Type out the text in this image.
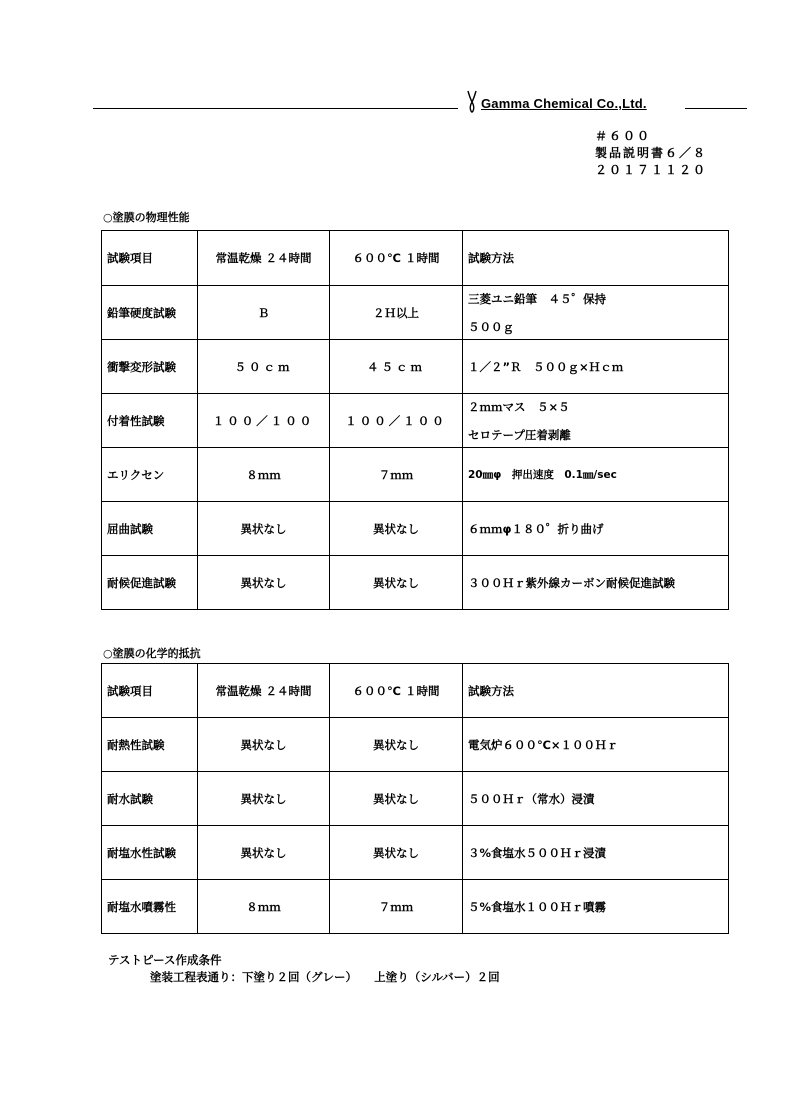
Gamma Chemical Co.,Ltd.
＃６００
製品説明書６／８
２０１７１１２０
○塗膜の物理性能
試験項目	常温乾燥 ２４時間	６００℃ １時間	試験方法
鉛筆硬度試験	Ｂ	２Ｈ以上	三菱ユニ鉛筆　４５゜保持
５００ｇ

衝撃変形試験	５０ｃｍ	４５ｃｍ	１／２”Ｒ　５００ｇ×Ｈｃｍ
付着性試験	１００／１００	１００／１００	２ｍｍマス　５×５
セロテープ圧着剥離

エリクセン	８ｍｍ	７ｍｍ	20㎜φ　押出速度　0.1㎜/sec
屈曲試験	異状なし	異状なし	６ｍｍφ１８０゜折り曲げ
耐候促進試験	異状なし	異状なし	３００Ｈｒ紫外線カーボン耐候促進試験
○塗膜の化学的抵抗
試験項目	常温乾燥 ２４時間	６００℃ １時間	試験方法
耐熱性試験	異状なし	異状なし	電気炉６００℃×１００Ｈｒ
耐水試験	異状なし	異状なし	５００Ｈｒ（常水）浸漬
耐塩水性試験	異状なし	異状なし	３%食塩水５００Ｈｒ浸漬
耐塩水噴霧性	８ｍｍ	７ｍｍ	５%食塩水１００Ｈｒ噴霧
テストピース作成条件
塗装工程表通り：下塗り２回（グレー）　　上塗り（シルバー）２回
